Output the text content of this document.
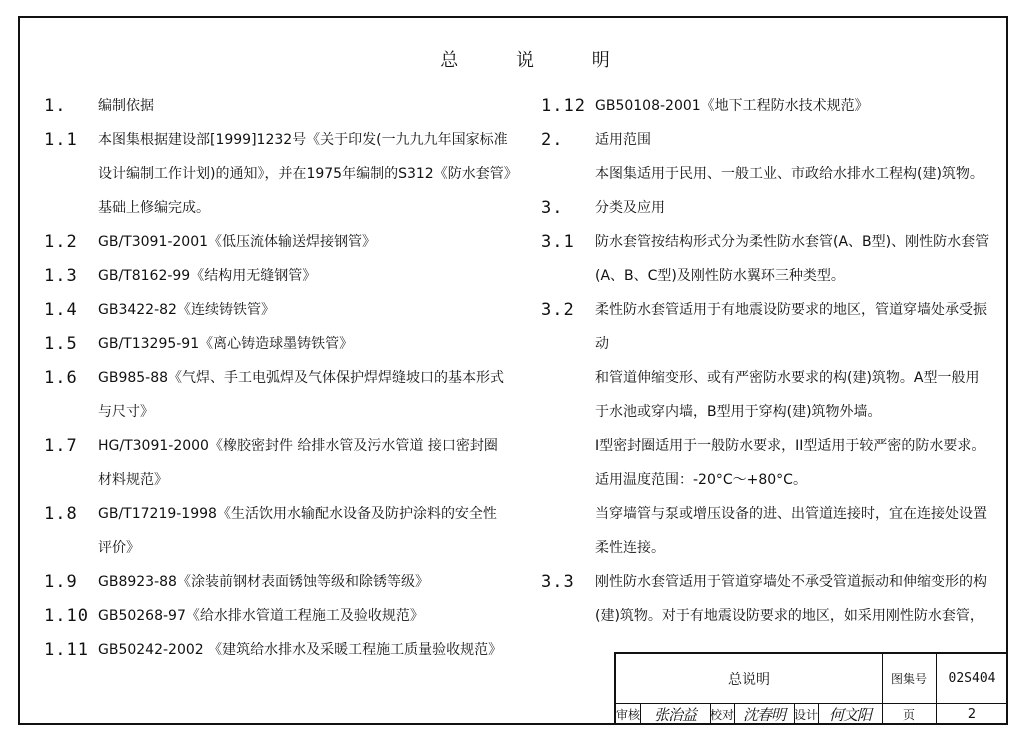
总 说 明
1.	编制依据
1.1	本图集根据建设部[1999]1232号《关于印发(一九九九年国家标准
设计编制工作计划)的通知》，并在1975年编制的S312《防水套管》
基础上修编完成。
1.2	GB/T3091-2001《低压流体输送焊接钢管》
1.3	GB/T8162-99《结构用无缝钢管》
1.4	GB3422-82《连续铸铁管》
1.5	GB/T13295-91《离心铸造球墨铸铁管》
1.6	GB985-88《气焊、手工电弧焊及气体保护焊焊缝坡口的基本形式
与尺寸》
1.7	HG/T3091-2000《橡胶密封件 给排水管及污水管道 接口密封圈
材料规范》
1.8	GB/T17219-1998《生活饮用水输配水设备及防护涂料的安全性
评价》
1.9	GB8923-88《涂装前钢材表面锈蚀等级和除锈等级》
1.10 GB50268-97《给水排水管道工程施工及验收规范》
1.11 GB50242-2002 《建筑给水排水及采暖工程施工质量验收规范》
1.12 GB50108-2001《地下工程防水技术规范》
2.	适用范围
本图集适用于民用、一般工业、市政给水排水工程构(建)筑物。
3.	分类及应用
3.1	防水套管按结构形式分为柔性防水套管(A、B型)、刚性防水套管
(A、B、C型)及刚性防水翼环三种类型。
3.2	柔性防水套管适用于有地震设防要求的地区，管道穿墙处承受振动
和管道伸缩变形、或有严密防水要求的构(建)筑物。A型一般用
于水池或穿内墙，B型用于穿构(建)筑物外墙。
I型密封圈适用于一般防水要求，II型适用于较严密的防水要求。
适用温度范围：-20°C～+80°C。
当穿墙管与泵或增压设备的进、出管道连接时，宜在连接处设置
柔性连接。
3.3	刚性防水套管适用于管道穿墙处不承受管道振动和伸缩变形的构
(建)筑物。对于有地震设防要求的地区，如采用刚性防水套管，
总说明	图集号	02S404
审核 张治益	校对 沈春明 设计 何文阳	页	2
